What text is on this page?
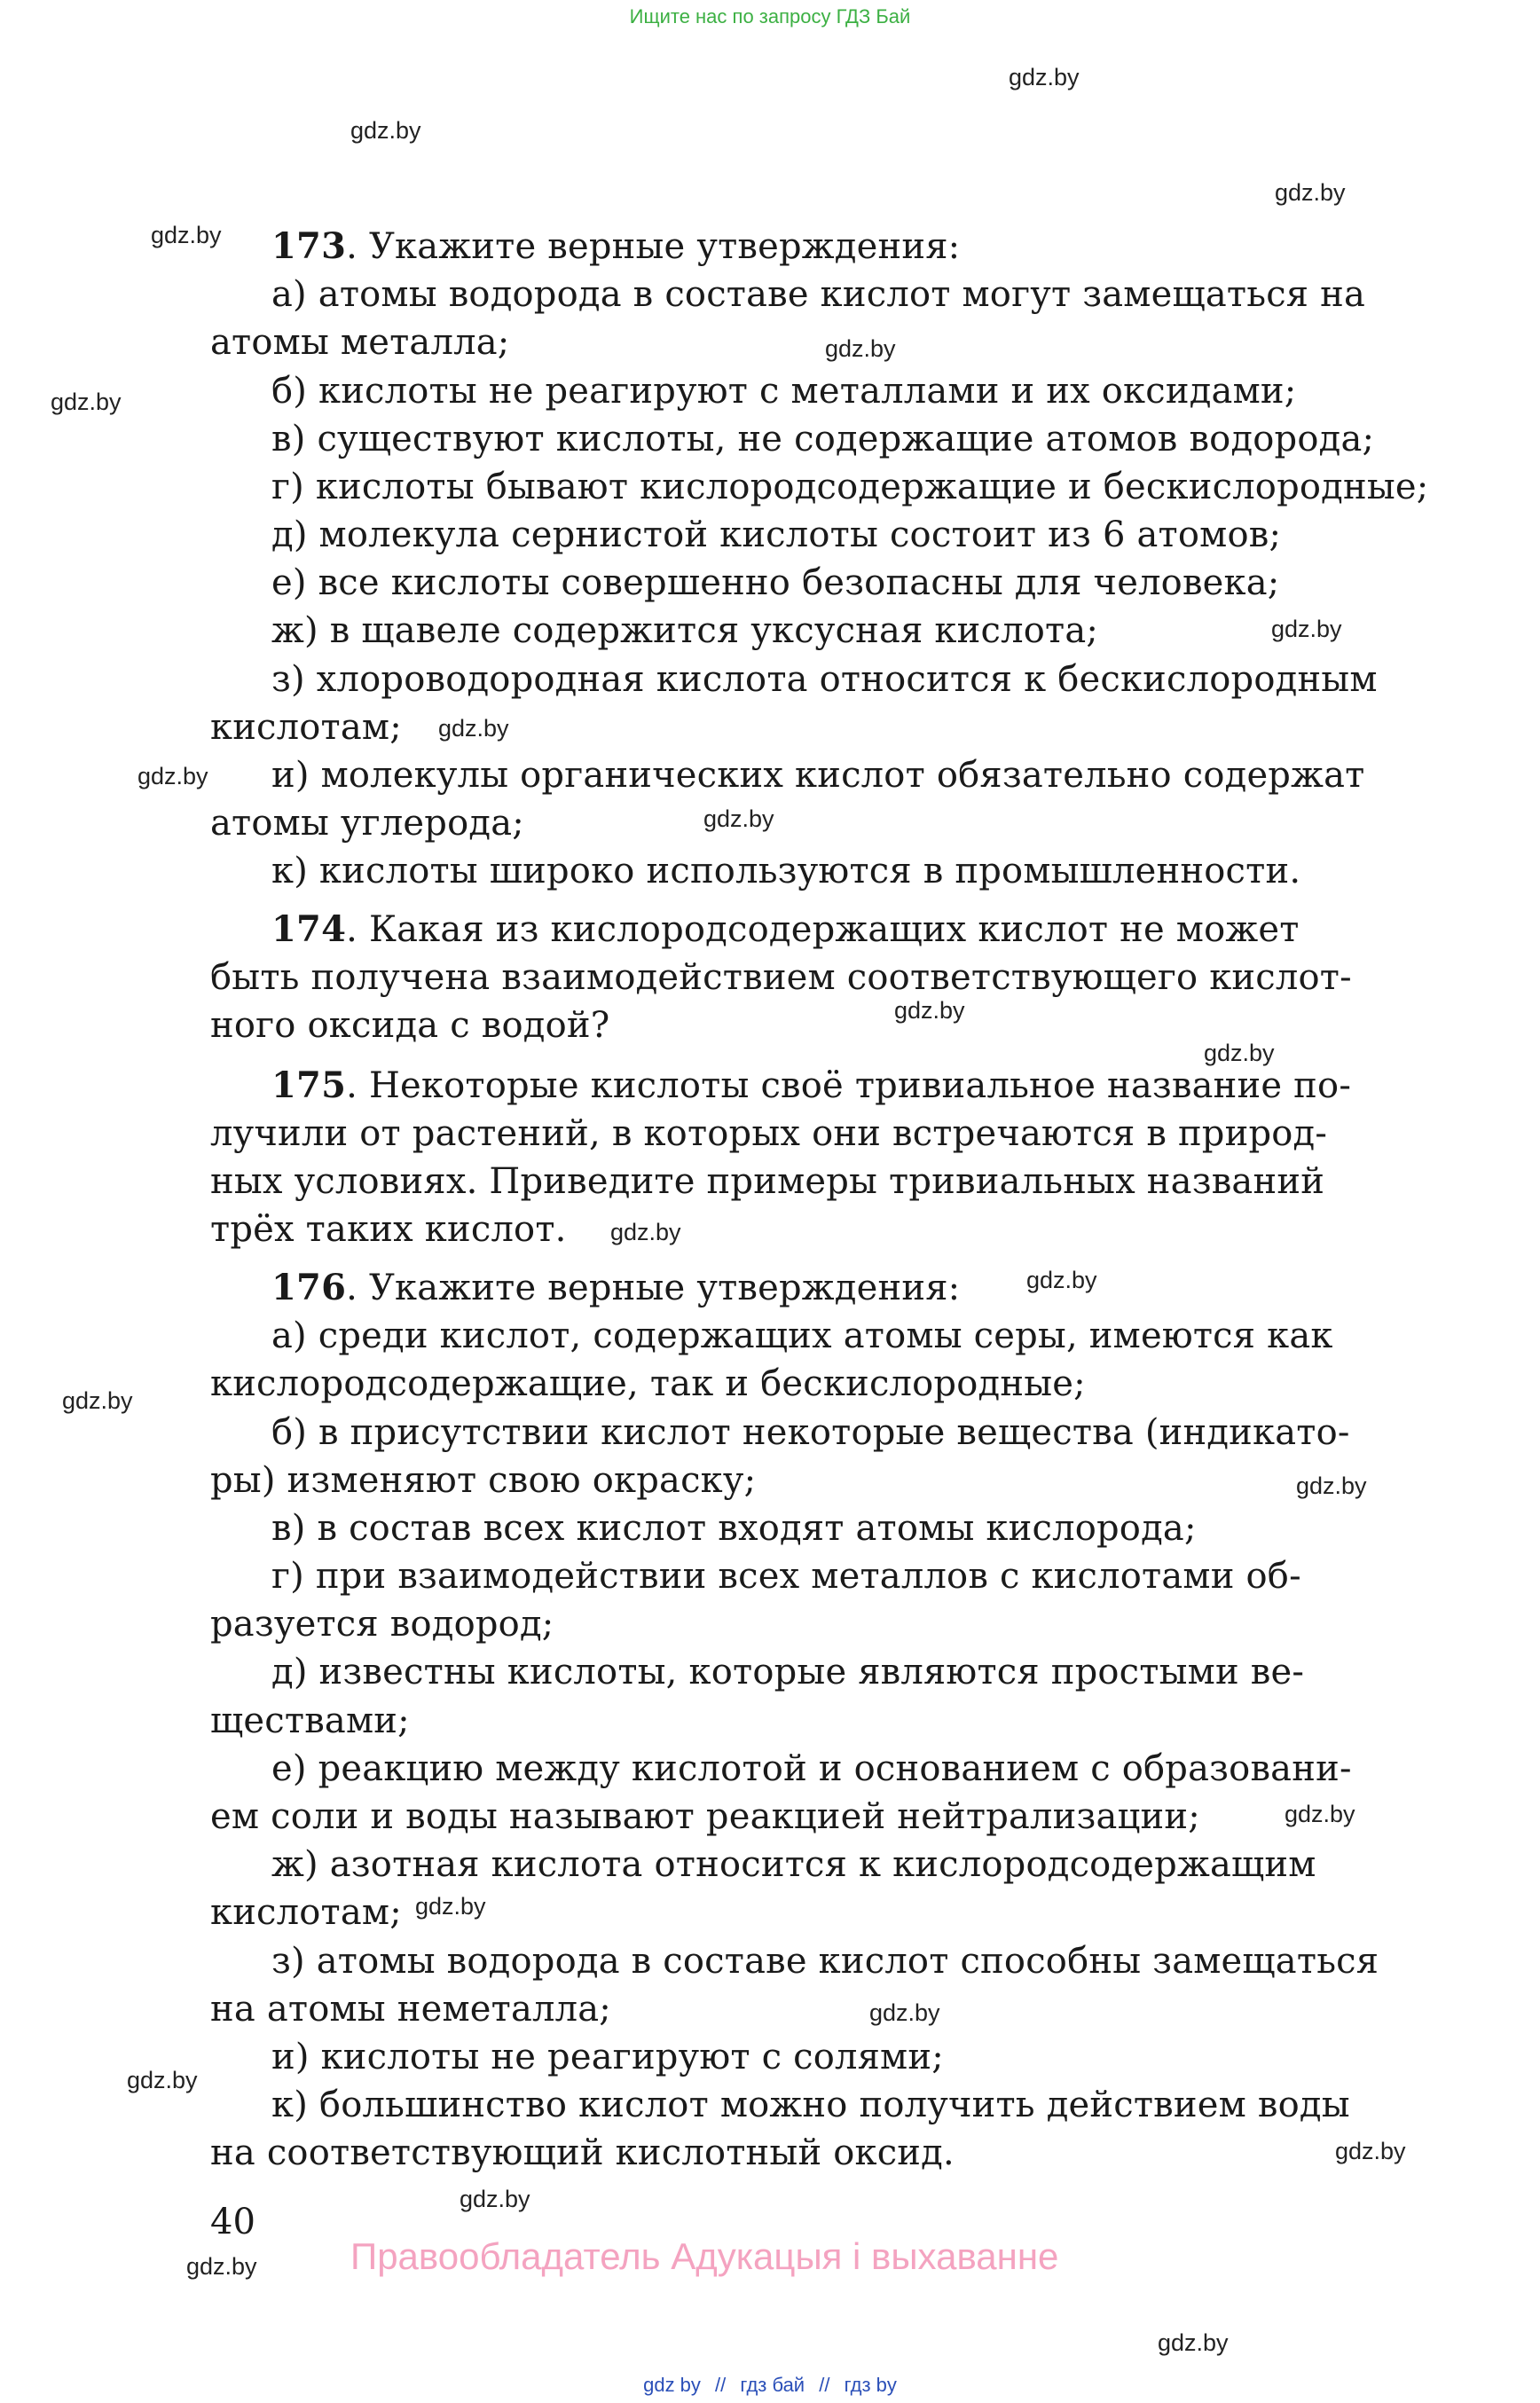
Ищите нас по запросу ГДЗ Бай
gdz.by
gdz.by
gdz.by
gdz.by
gdz.by
gdz.by
gdz.by
gdz.by
gdz.by
gdz.by
gdz.by
gdz.by
gdz.by
gdz.by
gdz.by
gdz.by
gdz.by
gdz.by
gdz.by
gdz.by
gdz.by
gdz.by
gdz.by
gdz.by
173. Укажите верные утверждения:
а) атомы водорода в составе кислот могут замещаться на
атомы металла;
б) кислоты не реагируют с металлами и их оксидами;
в) существуют кислоты, не содержащие атомов водорода;
г) кислоты бывают кислородсодержащие и бескислородные;
д) молекула сернистой кислоты состоит из 6 атомов;
е) все кислоты совершенно безопасны для человека;
ж) в щавеле содержится уксусная кислота;
з) хлороводородная кислота относится к бескислородным
кислотам;
и) молекулы органических кислот обязательно содержат
атомы углерода;
к) кислоты широко используются в промышленности.
174. Какая из кислородсодержащих кислот не может
быть получена взаимодействием соответствующего кислот-
ного оксида с водой?
175. Некоторые кислоты своё тривиальное название по-
лучили от растений, в которых они встречаются в природ-
ных условиях. Приведите примеры тривиальных названий
трёх таких кислот.
176. Укажите верные утверждения:
а) среди кислот, содержащих атомы серы, имеются как
кислородсодержащие, так и бескислородные;
б) в присутствии кислот некоторые вещества (индикато-
ры) изменяют свою окраску;
в) в состав всех кислот входят атомы кислорода;
г) при взаимодействии всех металлов с кислотами об-
разуется водород;
д) известны кислоты, которые являются простыми ве-
ществами;
е) реакцию между кислотой и основанием с образовани-
ем соли и воды называют реакцией нейтрализации;
ж) азотная кислота относится к кислородсодержащим
кислотам;
з) атомы водорода в составе кислот способны замещаться
на атомы неметалла;
и) кислоты не реагируют с солями;
к) большинство кислот можно получить действием воды
на соответствующий кислотный оксид.
40
Правообладатель Адукацыя і выхаванне
gdz by // гдз бай // гдз by
